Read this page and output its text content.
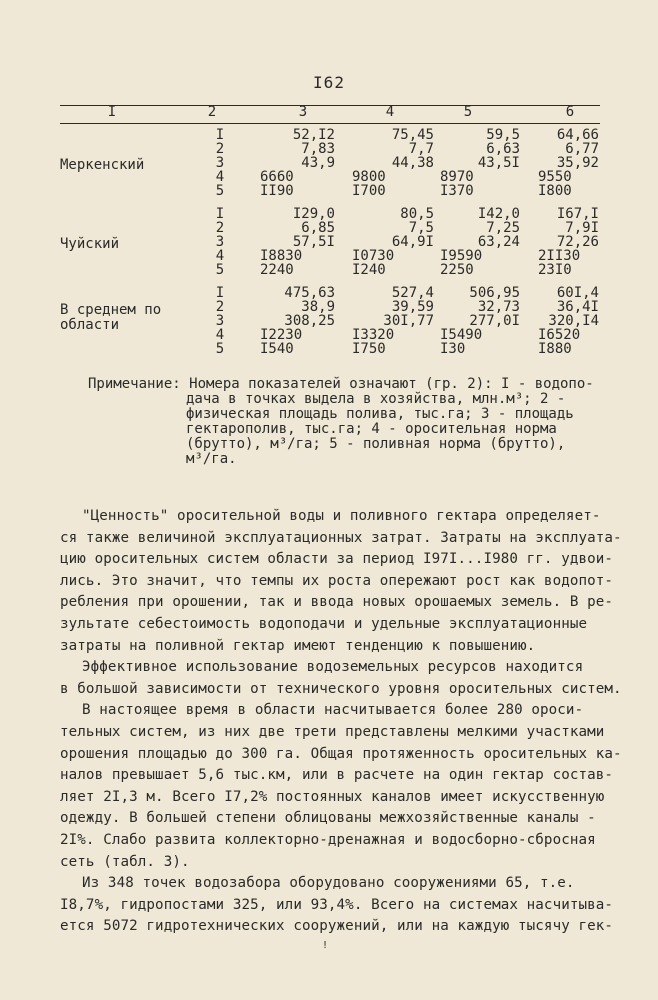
I62
I	2	3	4	5	6
Меркенский
I	52,I2	75,45	59,5	64,66
2	7,83	7,7	6,63	6,77
3	43,9	44,38	43,5I	35,92
4	6660	9800	8970	9550
5	II90	I700	I370	I800
Чуйский
I	I29,0	80,5	I42,0	I67,I
2	6,85	7,5	7,25	7,9I
3	57,5I	64,9I	63,24	72,26
4	I8830	I0730	I9590	2II30
5	2240	I240	2250	23I0
В среднем по
области
I	475,63	527,4	506,95	60I,4
2	38,9	39,59	32,73	36,4I
3	308,25	30I,77	277,0I	320,I4
4	I2230	I3320	I5490	I6520
5	I540	I750	I30	I880
Примечание: Номера показателей означают (гр. 2): I - водопо-
дача в точках выдела в хозяйства, млн.м³; 2 -
физическая площадь полива, тыс.га; 3 - площадь
гектарополив, тыс.га; 4 - оросительная норма
(брутто), м³/га; 5 - поливная норма (брутто),
м³/га.

"Ценность" оросительной воды и поливного гектара определяет-

ся также величиной эксплуатационных затрат. Затраты на эксплуата-

цию оросительных систем области за период I97I...I980 гг. удвои-

лись. Это значит, что темпы их роста опережают рост как водопот-

ребления при орошении, так и ввода новых орошаемых земель. В ре-

зультате себестоимость водоподачи и удельные эксплуатационные

затраты на поливной гектар имеют тенденцию к повышению.

Эффективное использование водоземельных ресурсов находится

в большой зависимости от технического уровня оросительных систем.

В настоящее время в области насчитывается более 280 ороси-

тельных систем, из них две трети представлены мелкими участками

орошения площадью до 300 га. Общая протяженность оросительных ка-

налов превышает 5,6 тыс.км, или в расчете на один гектар состав-

ляет 2I,3 м. Всего I7,2% постоянных каналов имеет искусственную

одежду. В большей степени облицованы межхозяйственные каналы -

2I%. Слабо развита коллекторно-дренажная и водосборно-сбросная

сеть (табл. 3).

Из 348 точек водозабора оборудовано сооружениями 65, т.е.

I8,7%, гидропостами 325, или 93,4%. Всего на системах насчитыва-

ется 5072 гидротехнических сооружений, или на каждую тысячу гек-

!
